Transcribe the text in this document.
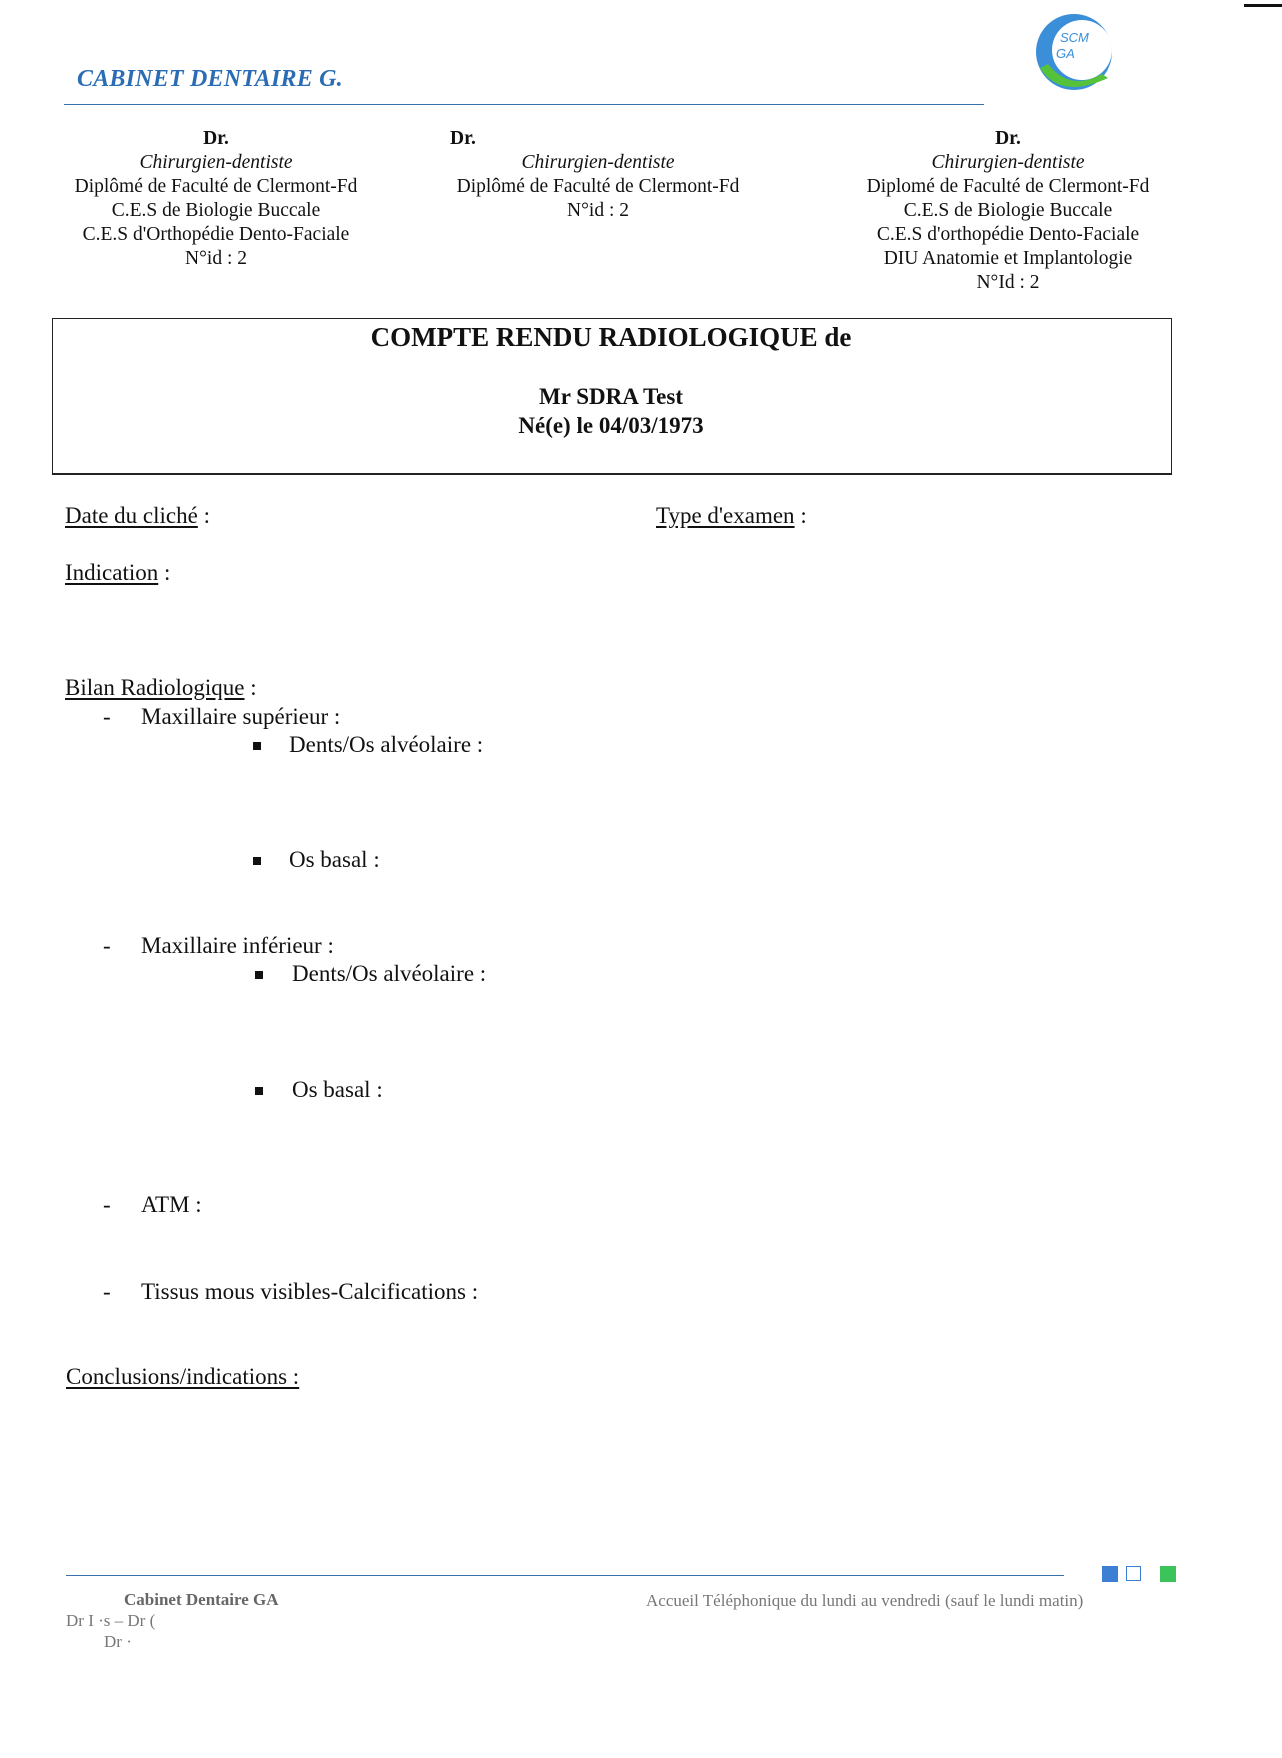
CABINET DENTAIRE G.
SCM
GA
Dr.
Chirurgien-dentiste
Diplômé de Faculté de Clermont-Fd
C.E.S de Biologie Buccale
C.E.S d'Orthopédie Dento-Faciale
N°id : 2
Dr.
Chirurgien-dentiste
Diplômé de Faculté de Clermont-Fd
N°id : 2
Dr.
Chirurgien-dentiste
Diplomé de Faculté de Clermont-Fd
C.E.S de Biologie Buccale
C.E.S d'orthopédie Dento-Faciale
DIU Anatomie et Implantologie
N°Id : 2
COMPTE RENDU RADIOLOGIQUE de
Mr SDRA Test
Né(e) le 04/03/1973
Date du cliché :	Type d'examen :
Indication :
Bilan Radiologique :
- Maxillaire supérieur :
Dents/Os alvéolaire :
Os basal :
- Maxillaire inférieur :
Dents/Os alvéolaire :
Os basal :
- ATM :
- Tissus mous visibles-Calcifications :
Conclusions/indications :
Cabinet Dentaire GA
Dr I ·s – Dr (
Dr ·
Accueil Téléphonique du lundi au vendredi (sauf le lundi matin)
